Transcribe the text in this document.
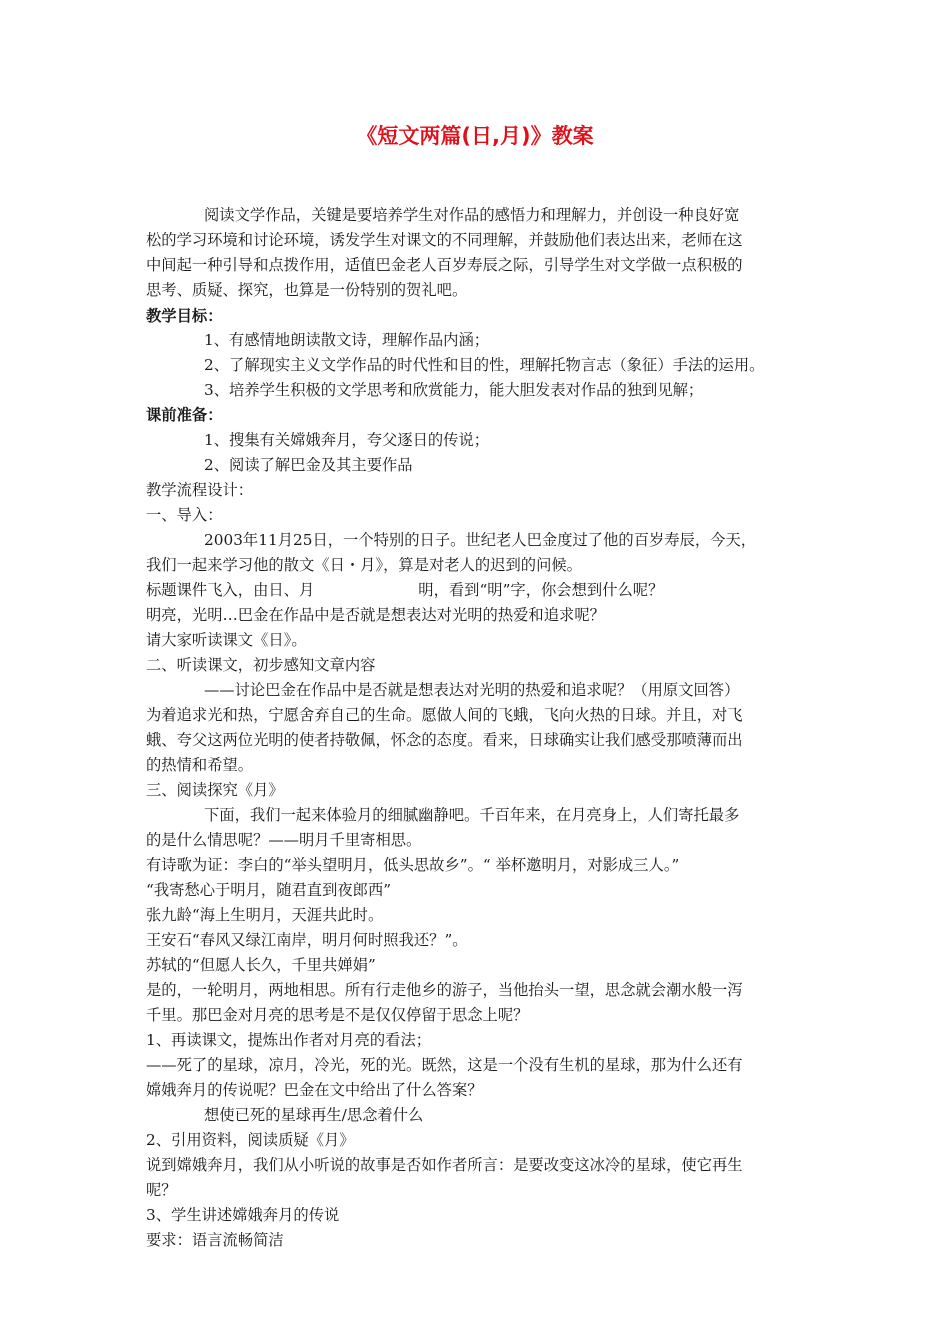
《短文两篇(日,月)》教案

阅读文学作品，关键是要培养学生对作品的感悟力和理解力，并创设一种良好宽

松的学习环境和讨论环境，诱发学生对课文的不同理解，并鼓励他们表达出来，老师在这

中间起一种引导和点拨作用，适值巴金老人百岁寿辰之际，引导学生对文学做一点积极的

思考、质疑、探究，也算是一份特别的贺礼吧。

教学目标：

1、有感情地朗读散文诗，理解作品内涵；

2、了解现实主义文学作品的时代性和目的性，理解托物言志（象征）手法的运用。

3、培养学生积极的文学思考和欣赏能力，能大胆发表对作品的独到见解；

课前准备：

1、搜集有关嫦娥奔月，夸父逐日的传说；

2、阅读了解巴金及其主要作品

教学流程设计：

一、导入：

2003年11月25日，一个特别的日子。世纪老人巴金度过了他的百岁寿辰，今天，

我们一起来学习他的散文《日・月》，算是对老人的迟到的问候。

标题课件飞入，由日、月	明，看到“明”字，你会想到什么呢？

明亮，光明…巴金在作品中是否就是想表达对光明的热爱和追求呢？

请大家听读课文《日》。

二、听读课文，初步感知文章内容

——讨论巴金在作品中是否就是想表达对光明的热爱和追求呢？（用原文回答）

为着追求光和热，宁愿舍弃自己的生命。愿做人间的飞蛾，飞向火热的日球。并且，对飞

蛾、夸父这两位光明的使者持敬佩，怀念的态度。看来，日球确实让我们感受那喷薄而出

的热情和希望。

三、阅读探究《月》

下面，我们一起来体验月的细腻幽静吧。千百年来，在月亮身上，人们寄托最多

的是什么情思呢？——明月千里寄相思。

有诗歌为证：李白的“举头望明月，低头思故乡”。“ 举杯邀明月，对影成三人。”

“我寄愁心于明月，随君直到夜郎西”

张九龄“海上生明月，天涯共此时。

王安石“春风又绿江南岸，明月何时照我还？”。

苏轼的“但愿人长久，千里共婵娟”

是的，一轮明月，两地相思。所有行走他乡的游子，当他抬头一望，思念就会潮水般一泻

千里。那巴金对月亮的思考是不是仅仅停留于思念上呢？

1、再读课文，提炼出作者对月亮的看法；

——死了的星球，凉月，冷光，死的光。既然，这是一个没有生机的星球，那为什么还有

嫦娥奔月的传说呢？巴金在文中给出了什么答案？

想使已死的星球再生/思念着什么

2、引用资料，阅读质疑《月》

说到嫦娥奔月，我们从小听说的故事是否如作者所言：是要改变这冰冷的星球，使它再生

呢？

3、学生讲述嫦娥奔月的传说

要求：语言流畅简洁
